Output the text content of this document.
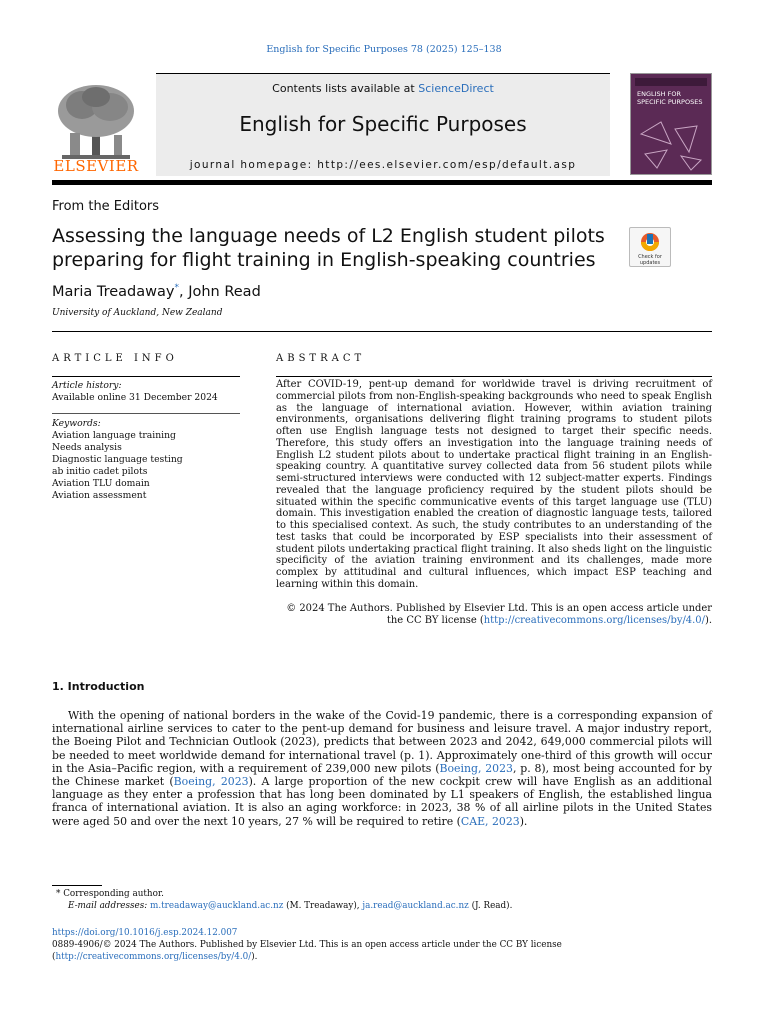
English for Specific Purposes 78 (2025) 125–138
ELSEVIER
Contents lists available at ScienceDirect
English for Specific Purposes
journal homepage: http://ees.elsevier.com/esp/default.asp
ENGLISH FOR SPECIFIC PURPOSES
From the Editors
Assessing the language needs of L2 English student pilots preparing for flight training in English-speaking countries	Check for updates
Maria Treadaway*, John Read
University of Auckland, New Zealand
ARTICLE INFO	ABSTRACT
Article history:
Available online 31 December 2024
Keywords:
Aviation language training
Needs analysis
Diagnostic language testing
ab initio cadet pilots
Aviation TLU domain
Aviation assessment
After COVID-19, pent-up demand for worldwide travel is driving recruitment of commercial pilots from non-English-speaking backgrounds who need to speak English as the language of international aviation. However, within aviation training environments, organisations delivering flight training programs to student pilots often use English language tests not designed to target their specific needs. Therefore, this study offers an investigation into the language training needs of English L2 student pilots about to undertake practical flight training in an English-speaking country. A quantitative survey collected data from 56 student pilots while semi-structured interviews were conducted with 12 subject-matter experts. Findings revealed that the language proficiency required by the student pilots should be situated within the specific communicative events of this target language use (TLU) domain. This investigation enabled the creation of diagnostic language tests, tailored to this specialised context. As such, the study contributes to an understanding of the test tasks that could be incorporated by ESP specialists into their assessment of student pilots undertaking practical flight training. It also sheds light on the linguistic specificity of the aviation training environment and its challenges, made more complex by attitudinal and cultural influences, which impact ESP teaching and learning within this domain.
© 2024 The Authors. Published by Elsevier Ltd. This is an open access article under the CC BY license (http://creativecommons.org/licenses/by/4.0/).
1. Introduction
With the opening of national borders in the wake of the Covid-19 pandemic, there is a corresponding expansion of international airline services to cater to the pent-up demand for business and leisure travel. A major industry report, the Boeing Pilot and Technician Outlook (2023), predicts that between 2023 and 2042, 649,000 commercial pilots will be needed to meet worldwide demand for international travel (p. 1). Approximately one-third of this growth will occur in the Asia–Pacific region, with a requirement of 239,000 new pilots (Boeing, 2023, p. 8), most being accounted for by the Chinese market (Boeing, 2023). A large proportion of the new cockpit crew will have English as an additional language as they enter a profession that has long been dominated by L1 speakers of English, the established lingua franca of international aviation. It is also an aging workforce: in 2023, 38 % of all airline pilots in the United States were aged 50 and over the next 10 years, 27 % will be required to retire (CAE, 2023).
* Corresponding author.
E-mail addresses: m.treadaway@auckland.ac.nz (M. Treadaway), ja.read@auckland.ac.nz (J. Read).
https://doi.org/10.1016/j.esp.2024.12.007
0889-4906/© 2024 The Authors. Published by Elsevier Ltd. This is an open access article under the CC BY license (http://creativecommons.org/licenses/by/4.0/).
